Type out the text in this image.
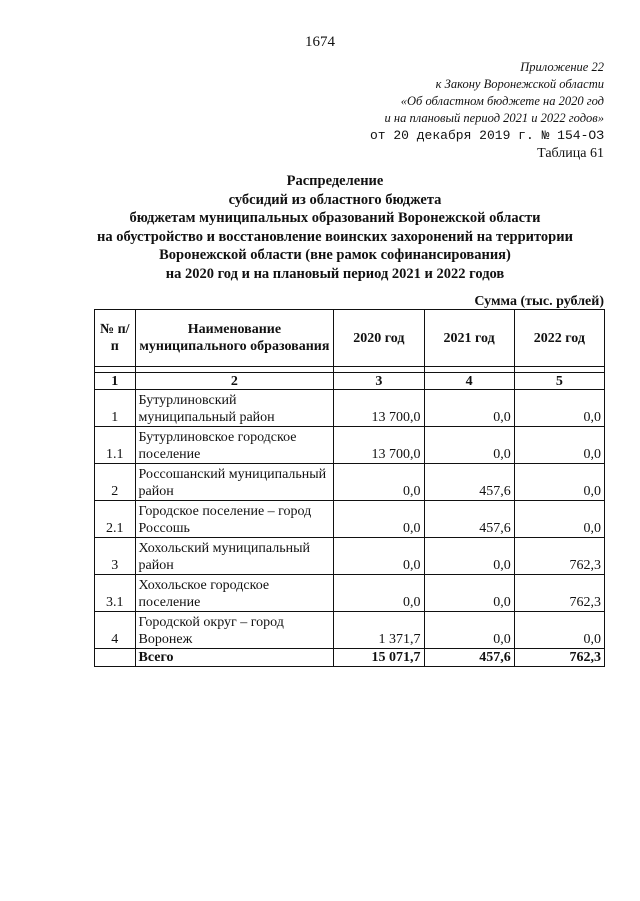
1674
Приложение 22
к Закону Воронежской области
«Об областном бюджете на 2020 год
и на плановый период 2021 и 2022 годов»
от 20 декабря 2019 г. № 154-ОЗ
Таблица 61
Распределение
субсидий из областного бюджета
бюджетам муниципальных образований Воронежской области
на обустройство и восстановление воинских захоронений на территории
Воронежской области (вне рамок софинансирования)
на 2020 год и на плановый период 2021 и 2022 годов
Сумма (тыс. рублей)
№ п/п	Наименование муниципального образования	2020 год	2021 год	2022 год

1	2	3	4	5
1	Бутурлиновский муниципальный район	13 700,0	0,0	0,0
1.1	Бутурлиновское городское поселение	13 700,0	0,0	0,0
2	Россошанский муниципальный район	0,0	457,6	0,0
2.1	Городское поселение – город Россошь	0,0	457,6	0,0
3	Хохольский муниципальный район	0,0	0,0	762,3
3.1	Хохольское городское поселение	0,0	0,0	762,3
4	Городской округ – город Воронеж	1 371,7	0,0	0,0
	Всего	15 071,7	457,6	762,3
